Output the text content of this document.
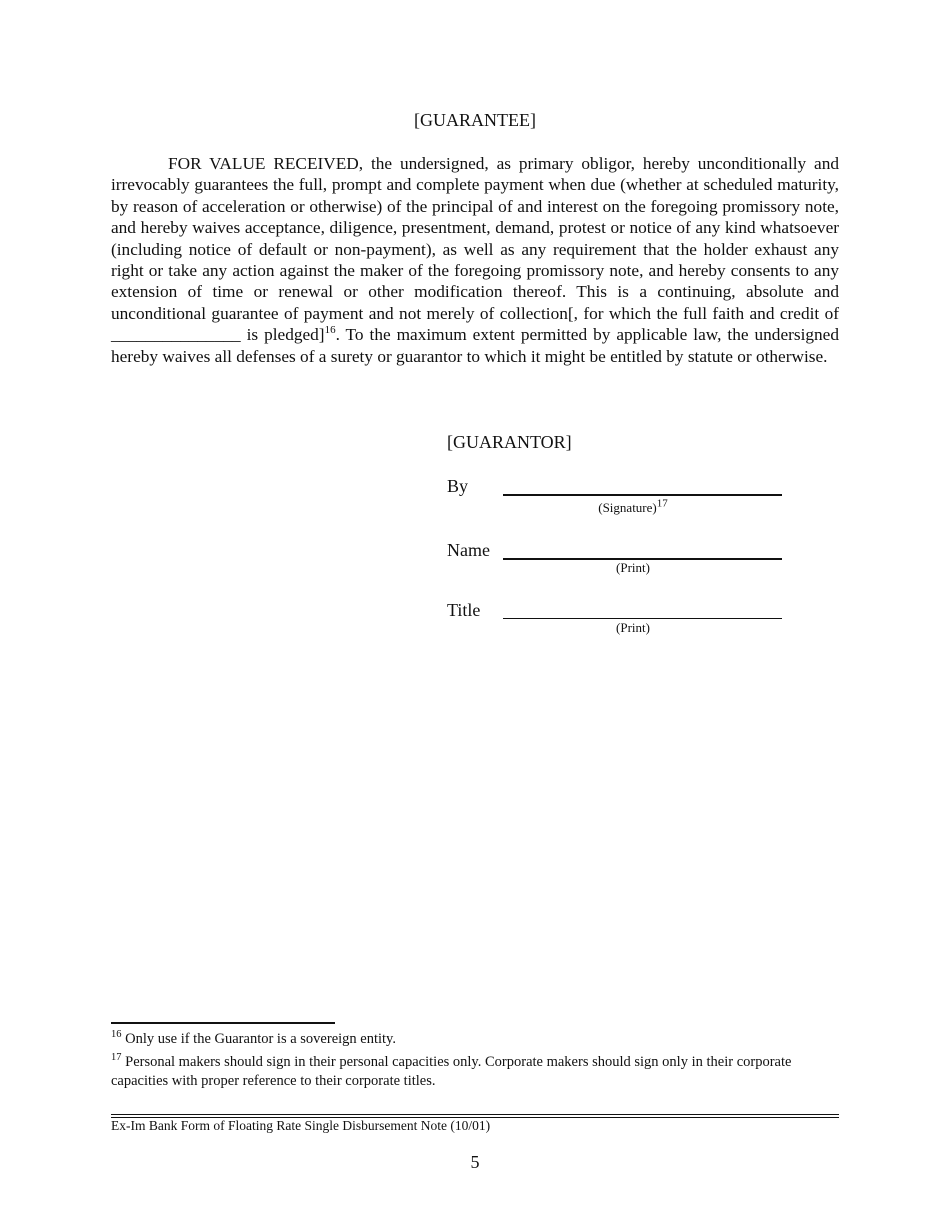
[GUARANTEE]

FOR VALUE RECEIVED, the undersigned, as primary obligor, hereby unconditionally and irrevocably guarantees the full, prompt and complete payment when due (whether at scheduled maturity, by reason of acceleration or otherwise) of the principal of and interest on the foregoing promissory note, and hereby waives acceptance, diligence, presentment, demand, protest or notice of any kind whatsoever (including notice of default or non-payment), as well as any requirement that the holder exhaust any right or take any action against the maker of the foregoing promissory note, and hereby consents to any extension of time or renewal or other modification thereof. This is a continuing, absolute and unconditional guarantee of payment and not merely of collection[, for which the full faith and credit of _______________ is pledged]$^{16}$. To the maximum extent permitted by applicable law, the undersigned hereby waives all defenses of a surety or guarantor to which it might be entitled by statute or otherwise.

[GUARANTOR]
By
(Signature)$^{17}$
Name
(Print)
Title
(Print)
$^{16}$ Only use if the Guarantor is a sovereign entity.
$^{17}$ Personal makers should sign in their personal capacities only. Corporate makers should sign only in their corporate capacities with proper reference to their corporate titles.
Ex-Im Bank Form of Floating Rate Single Disbursement Note (10/01)
5
